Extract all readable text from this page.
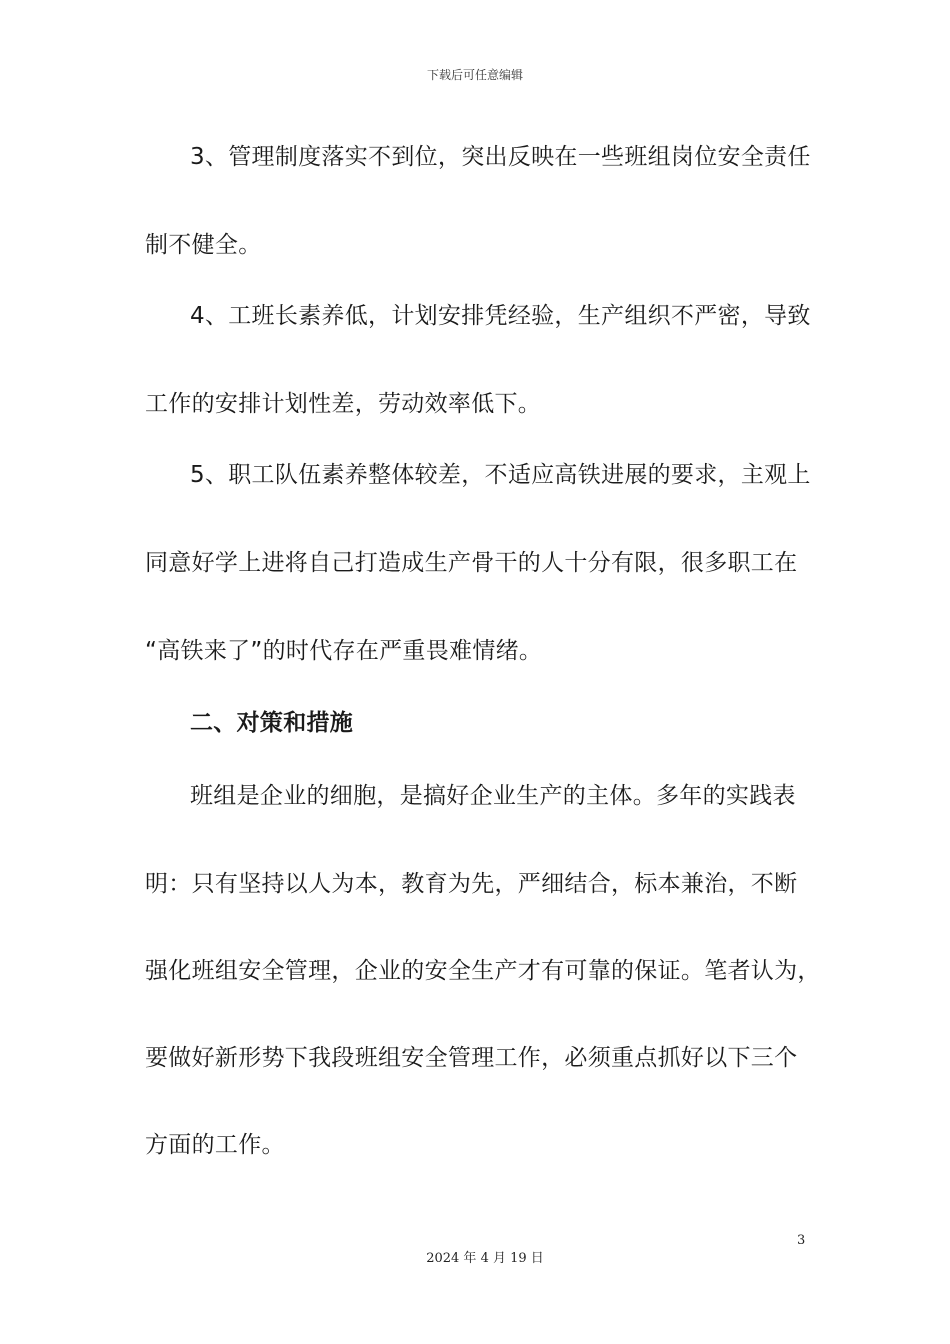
下载后可任意编辑
3、管理制度落实不到位，突出反映在一些班组岗位安全责任
制不健全。
4、工班长素养低，计划安排凭经验，生产组织不严密，导致
工作的安排计划性差，劳动效率低下。
5、职工队伍素养整体较差，不适应高铁进展的要求，主观上
同意好学上进将自己打造成生产骨干的人十分有限，很多职工在
“高铁来了”的时代存在严重畏难情绪。
二、对策和措施
班组是企业的细胞，是搞好企业生产的主体。多年的实践表
明：只有坚持以人为本，教育为先，严细结合，标本兼治，不断
强化班组安全管理，企业的安全生产才有可靠的保证。笔者认为，
要做好新形势下我段班组安全管理工作，必须重点抓好以下三个
方面的工作。
3
2024 年 4 月 19 日
